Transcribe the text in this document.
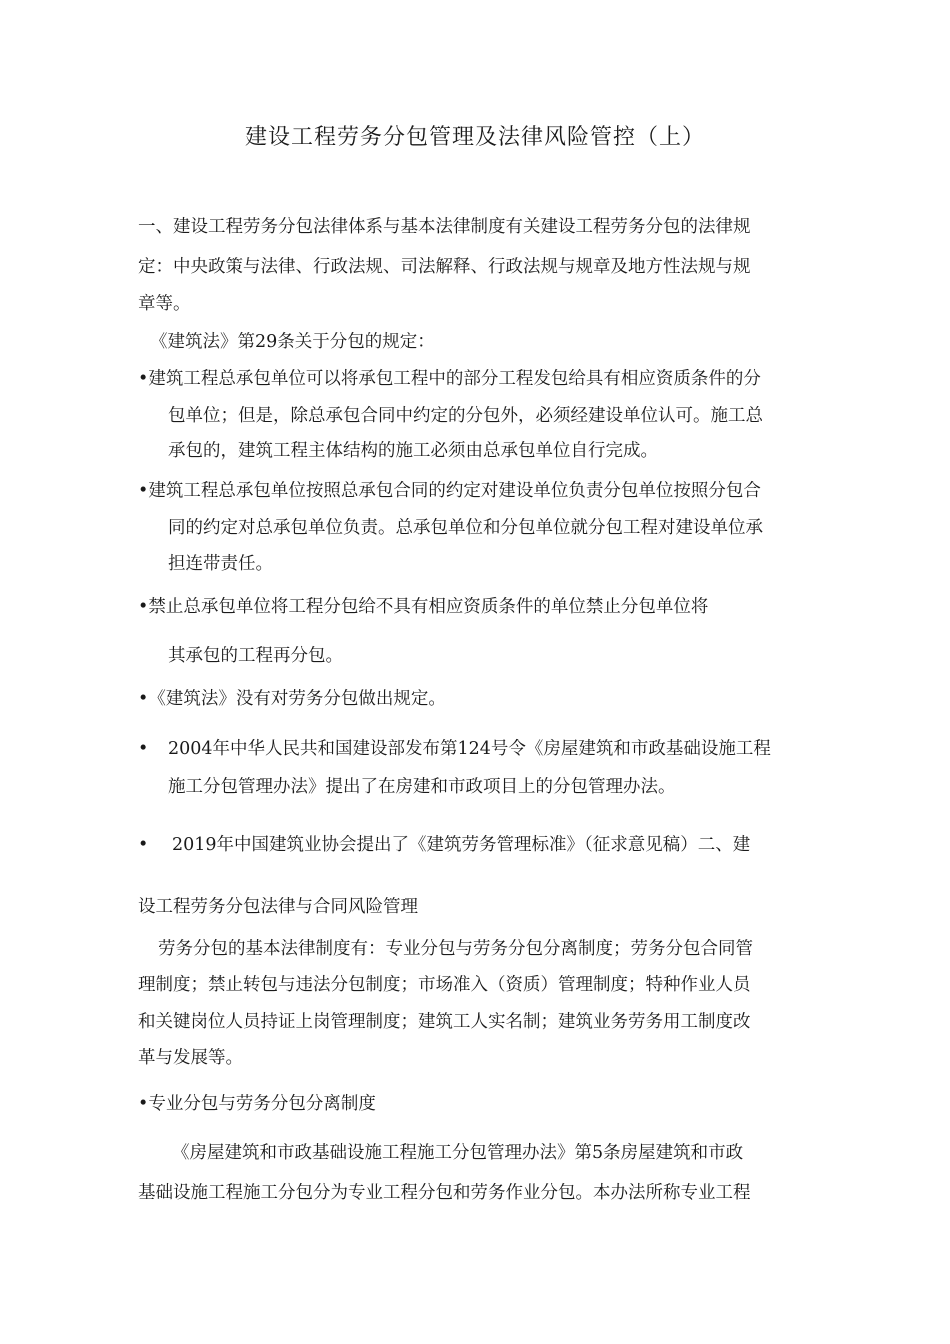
建设工程劳务分包管理及法律风险管控（上）
一、建设工程劳务分包法律体系与基本法律制度有关建设工程劳务分包的法律规
定：中央政策与法律、行政法规、司法解释、行政法规与规章及地方性法规与规
章等。
《建筑法》第29条关于分包的规定：
•建筑工程总承包单位可以将承包工程中的部分工程发包给具有相应资质条件的分
包单位；但是，除总承包合同中约定的分包外，必须经建设单位认可。施工总
承包的，建筑工程主体结构的施工必须由总承包单位自行完成。
•建筑工程总承包单位按照总承包合同的约定对建设单位负责分包单位按照分包合
同的约定对总承包单位负责。总承包单位和分包单位就分包工程对建设单位承
担连带责任。
•禁止总承包单位将工程分包给不具有相应资质条件的单位禁止分包单位将
其承包的工程再分包。
•《建筑法》没有对劳务分包做出规定。
• 2004年中华人民共和国建设部发布第124号令《房屋建筑和市政基础设施工程
施工分包管理办法》提出了在房建和市政项目上的分包管理办法。
• 2019年中国建筑业协会提出了《建筑劳务管理标准》（征求意见稿）二、建
设工程劳务分包法律与合同风险管理
劳务分包的基本法律制度有：专业分包与劳务分包分离制度；劳务分包合同管
理制度；禁止转包与违法分包制度；市场准入（资质）管理制度；特种作业人员
和关键岗位人员持证上岗管理制度；建筑工人实名制；建筑业务劳务用工制度改
革与发展等。
•专业分包与劳务分包分离制度
《房屋建筑和市政基础设施工程施工分包管理办法》第5条房屋建筑和市政
基础设施工程施工分包分为专业工程分包和劳务作业分包。本办法所称专业工程
